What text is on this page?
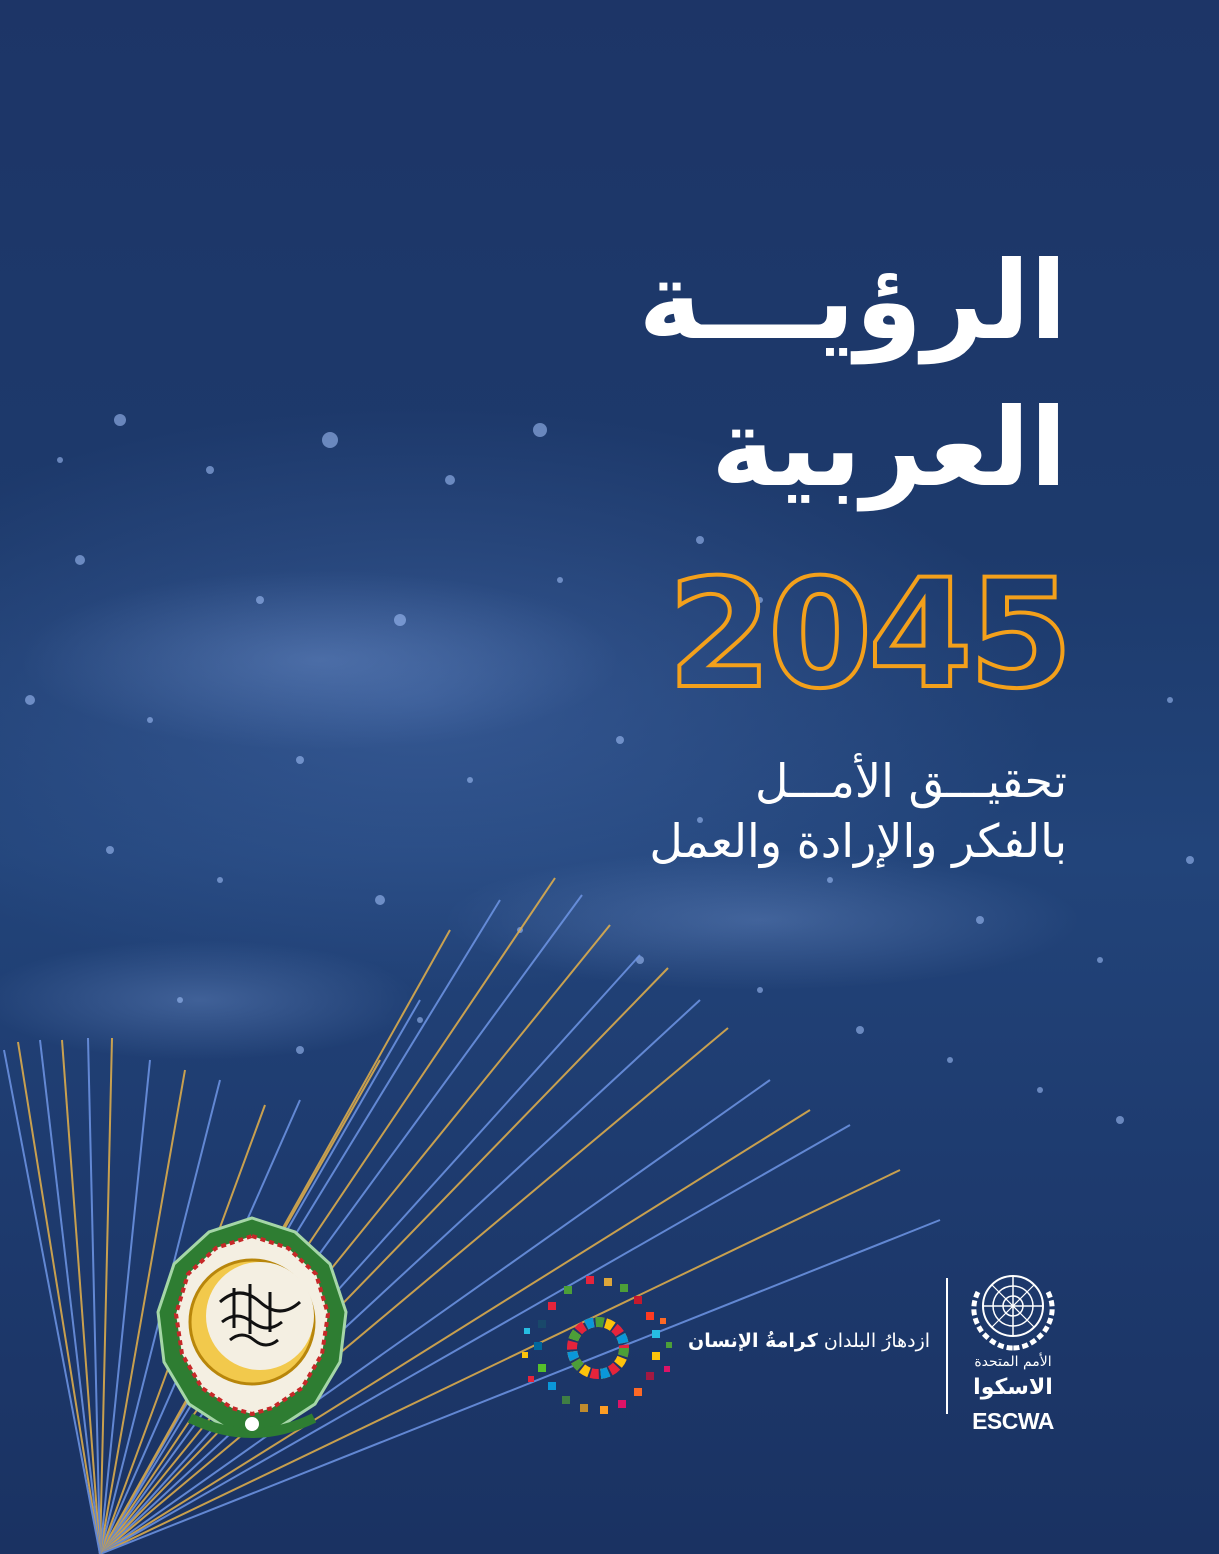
الرؤيـــة
العربية
2045
تحقيـــق الأمـــل
بالفكر والإرادة والعمل
ازدهارُ البلدان كرامةُ الإنسان
الأمم المتحدة
الاسكوا
ESCWA
